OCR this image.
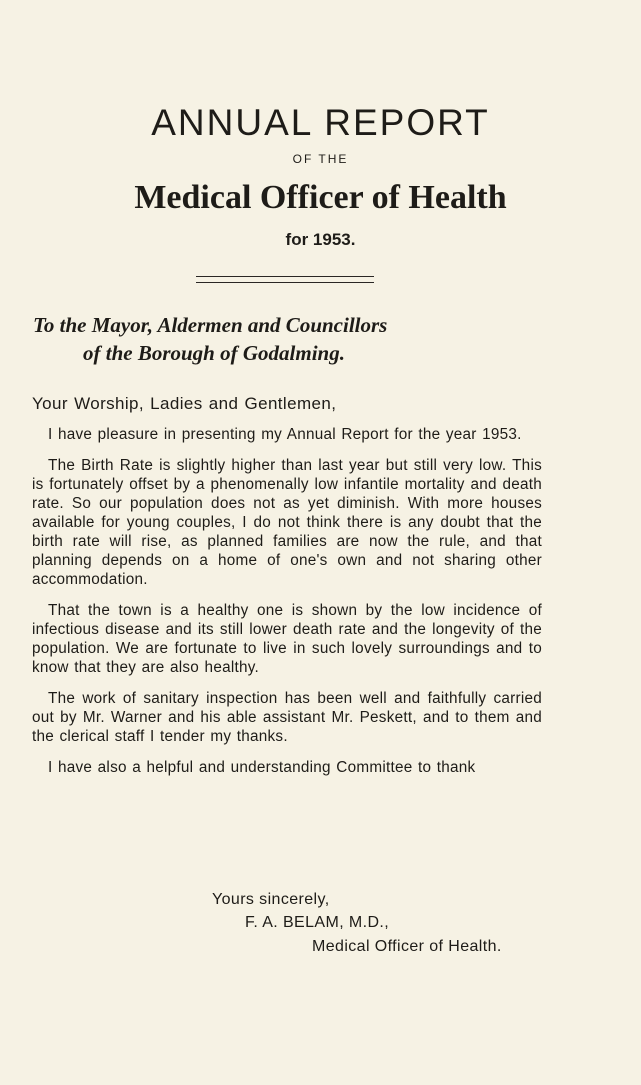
ANNUAL REPORT
OF THE
Medical Officer of Health
for 1953.
To the Mayor, Aldermen and Councillors
of the Borough of Godalming.

Your Worship, Ladies and Gentlemen,

I have pleasure in presenting my Annual Report for the year 1953.

The Birth Rate is slightly higher than last year but still very low. This is fortunately offset by a phenomenally low infantile mortality and death rate. So our population does not as yet diminish. With more houses available for young couples, I do not think there is any doubt that the birth rate will rise, as planned families are now the rule, and that planning depends on a home of one's own and not sharing other accommodation.

That the town is a healthy one is shown by the low incidence of infectious disease and its still lower death rate and the longevity of the population. We are fortunate to live in such lovely surroundings and to know that they are also healthy.

The work of sanitary inspection has been well and faithfully carried out by Mr. Warner and his able assistant Mr. Peskett, and to them and the clerical staff I tender my thanks.

I have also a helpful and understanding Committee to thank

Yours sincerely,
F. A. BELAM, M.D.,
Medical Officer of Health.
